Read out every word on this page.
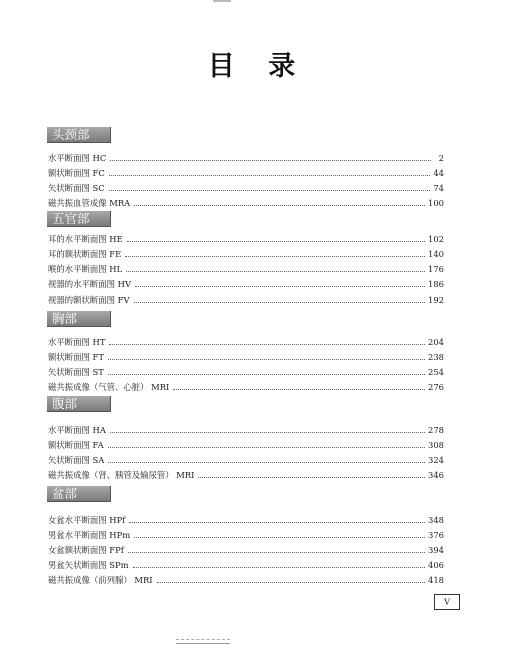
目 录
头颈部
水平断面图 HC	2
额状断面图 FC	44
矢状断面图 SC	74
磁共振血管成像 MRA	100
五官部
耳的水平断面图 HE	102
耳的额状断面图 FE	140
喉的水平断面图 HL	176
视器的水平断面图 HV	186
视器的额状断面图 FV	192
胸部
水平断面图 HT	204
额状断面图 FT	238
矢状断面图 ST	254
磁共振成像（气管、心脏） MRI	276
腹部
水平断面图 HA	278
额状断面图 FA	308
矢状断面图 SA	324
磁共振成像（肾、胰管及输尿管） MRI	346
盆部
女盆水平断面图 HPf	348
男盆水平断面图 HPm	376
女盆额状断面图 FPf	394
男盆矢状断面图 SPm	406
磁共振成像（前列腺） MRI	418
V
